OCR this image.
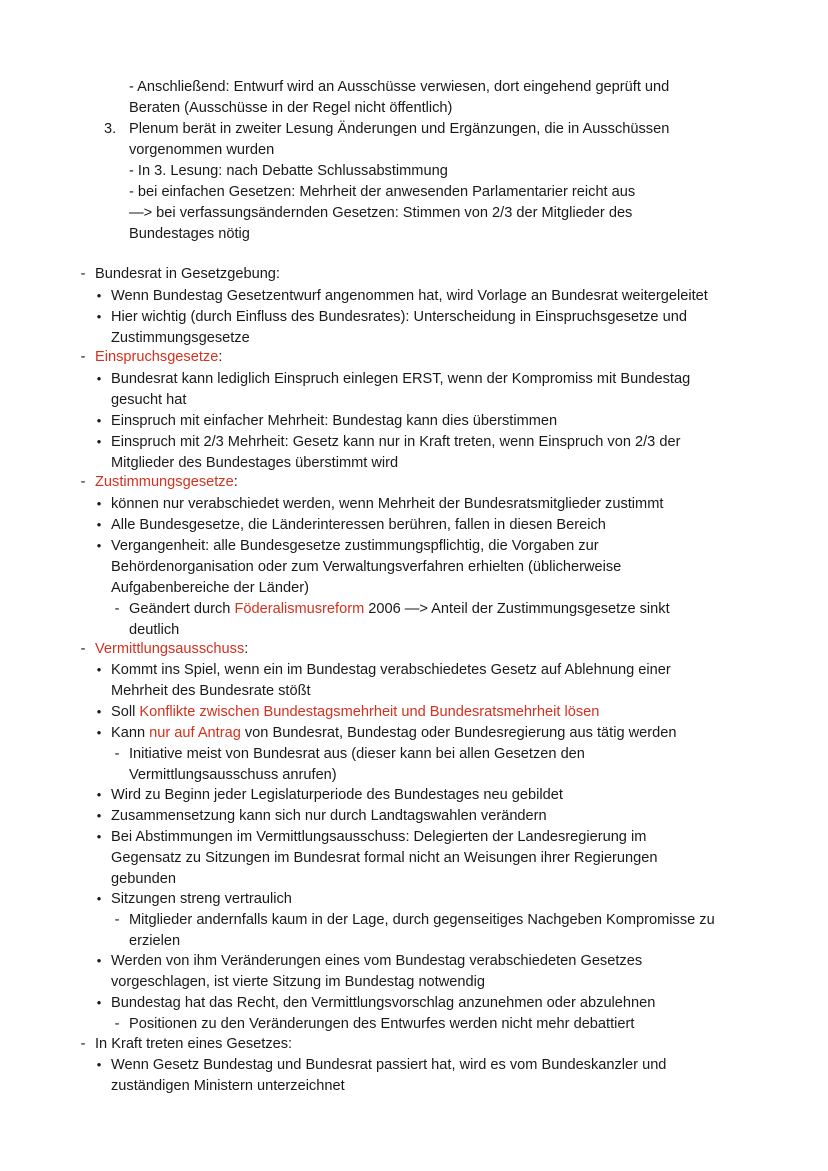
- Anschließend: Entwurf wird an Ausschüsse verwiesen, dort eingehend geprüft und
Beraten (Ausschüsse in der Regel nicht öffentlich)
3. Plenum berät in zweiter Lesung Änderungen und Ergänzungen, die in Ausschüssen
vorgenommen wurden
- In 3. Lesung: nach Debatte Schlussabstimmung
- bei einfachen Gesetzen: Mehrheit der anwesenden Parlamentarier reicht aus
—> bei verfassungsändernden Gesetzen: Stimmen von 2/3 der Mitglieder des
Bundestages nötig
- Bundesrat in Gesetzgebung:
• Wenn Bundestag Gesetzentwurf angenommen hat, wird Vorlage an Bundesrat weitergeleitet
• Hier wichtig (durch Einfluss des Bundesrates): Unterscheidung in Einspruchsgesetze und
Zustimmungsgesetze
- Einspruchsgesetze:
• Bundesrat kann lediglich Einspruch einlegen ERST, wenn der Kompromiss mit Bundestag
gesucht hat
• Einspruch mit einfacher Mehrheit: Bundestag kann dies überstimmen
• Einspruch mit 2/3 Mehrheit: Gesetz kann nur in Kraft treten, wenn Einspruch von 2/3 der
Mitglieder des Bundestages überstimmt wird
- Zustimmungsgesetze:
• können nur verabschiedet werden, wenn Mehrheit der Bundesratsmitglieder zustimmt
• Alle Bundesgesetze, die Länderinteressen berühren, fallen in diesen Bereich
• Vergangenheit: alle Bundesgesetze zustimmungspflichtig, die Vorgaben zur
Behördenorganisation oder zum Verwaltungsverfahren erhielten (üblicherweise
Aufgabenbereiche der Länder)
- Geändert durch Föderalismusreform 2006 —> Anteil der Zustimmungsgesetze sinkt
deutlich
- Vermittlungsausschuss:
• Kommt ins Spiel, wenn ein im Bundestag verabschiedetes Gesetz auf Ablehnung einer
Mehrheit des Bundesrate stößt
• Soll Konflikte zwischen Bundestagsmehrheit und Bundesratsmehrheit lösen
• Kann nur auf Antrag von Bundesrat, Bundestag oder Bundesregierung aus tätig werden
- Initiative meist von Bundesrat aus (dieser kann bei allen Gesetzen den
Vermittlungsausschuss anrufen)
• Wird zu Beginn jeder Legislaturperiode des Bundestages neu gebildet
• Zusammensetzung kann sich nur durch Landtagswahlen verändern
• Bei Abstimmungen im Vermittlungsausschuss: Delegierten der Landesregierung im
Gegensatz zu Sitzungen im Bundesrat formal nicht an Weisungen ihrer Regierungen
gebunden
• Sitzungen streng vertraulich
- Mitglieder andernfalls kaum in der Lage, durch gegenseitiges Nachgeben Kompromisse zu
erzielen
• Werden von ihm Veränderungen eines vom Bundestag verabschiedeten Gesetzes
vorgeschlagen, ist vierte Sitzung im Bundestag notwendig
• Bundestag hat das Recht, den Vermittlungsvorschlag anzunehmen oder abzulehnen
- Positionen zu den Veränderungen des Entwurfes werden nicht mehr debattiert
- In Kraft treten eines Gesetzes:
• Wenn Gesetz Bundestag und Bundesrat passiert hat, wird es vom Bundeskanzler und
zuständigen Ministern unterzeichnet
